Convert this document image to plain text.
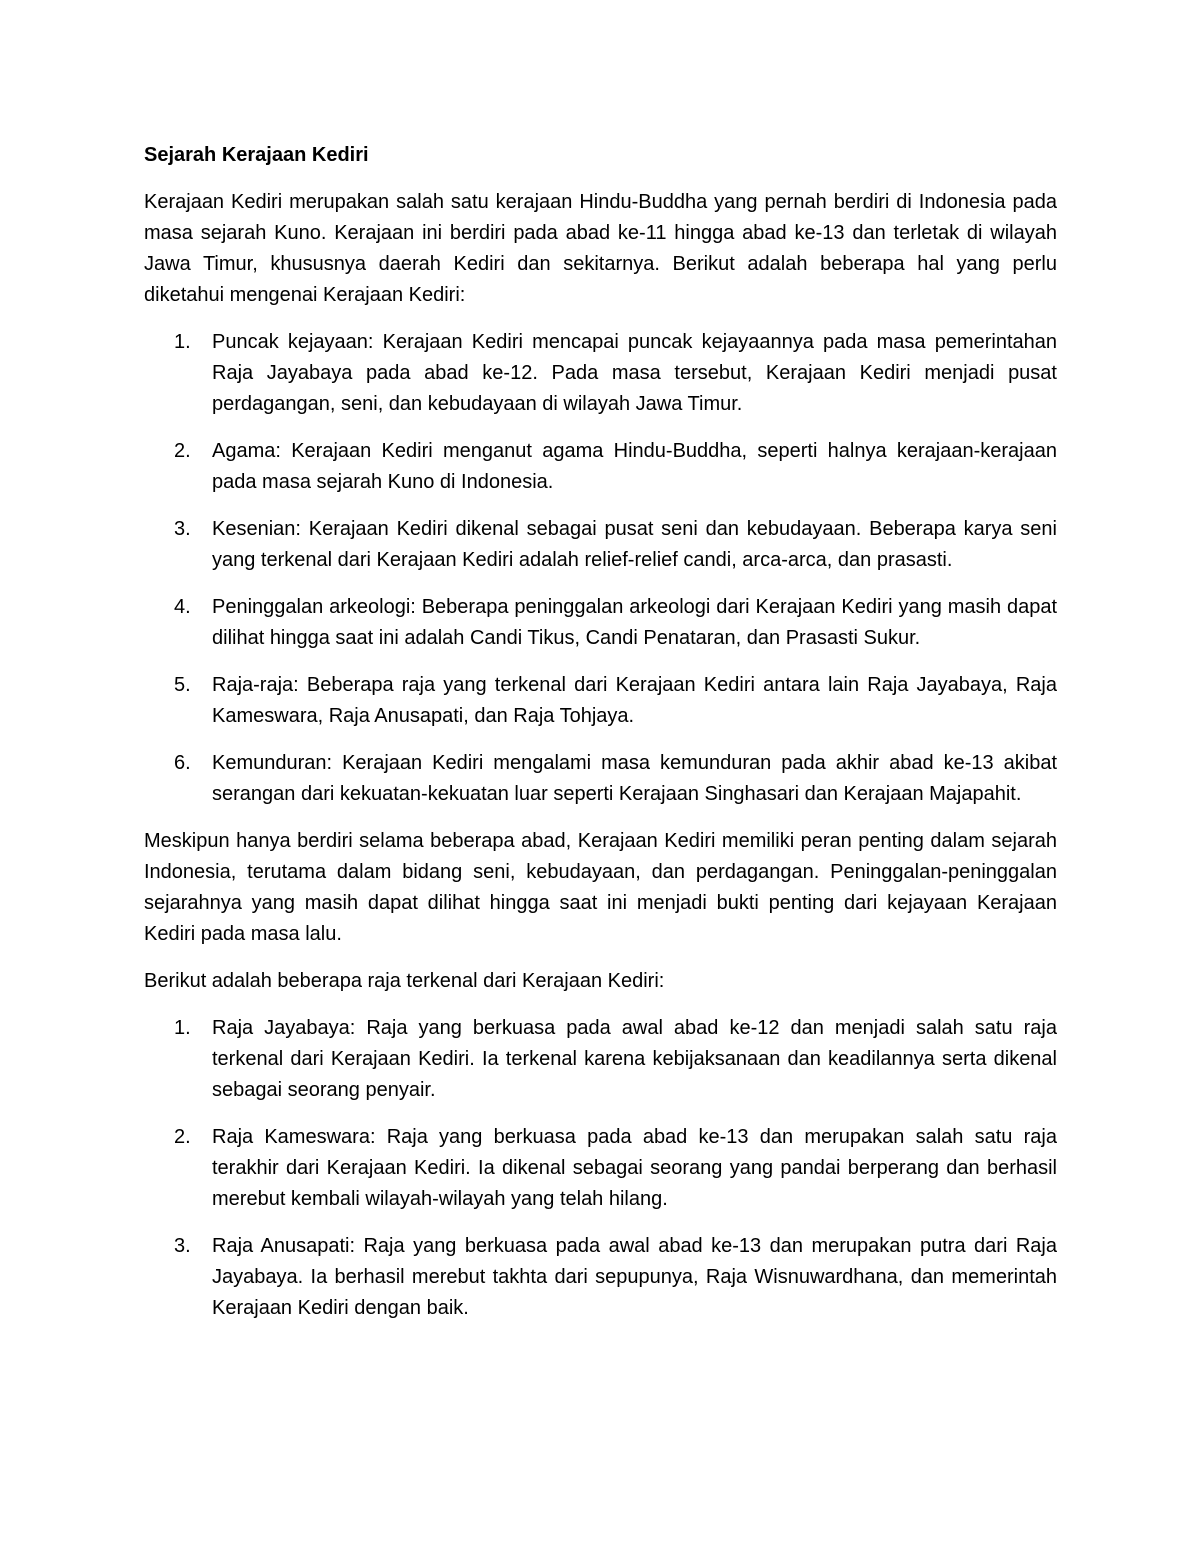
Sejarah Kerajaan Kediri
Kerajaan Kediri merupakan salah satu kerajaan Hindu-Buddha yang pernah berdiri di Indonesia pada masa sejarah Kuno. Kerajaan ini berdiri pada abad ke-11 hingga abad ke-13 dan terletak di wilayah Jawa Timur, khususnya daerah Kediri dan sekitarnya. Berikut adalah beberapa hal yang perlu diketahui mengenai Kerajaan Kediri:
1. Puncak kejayaan: Kerajaan Kediri mencapai puncak kejayaannya pada masa pemerintahan Raja Jayabaya pada abad ke-12. Pada masa tersebut, Kerajaan Kediri menjadi pusat perdagangan, seni, dan kebudayaan di wilayah Jawa Timur.
2. Agama: Kerajaan Kediri menganut agama Hindu-Buddha, seperti halnya kerajaan-kerajaan pada masa sejarah Kuno di Indonesia.
3. Kesenian: Kerajaan Kediri dikenal sebagai pusat seni dan kebudayaan. Beberapa karya seni yang terkenal dari Kerajaan Kediri adalah relief-relief candi, arca-arca, dan prasasti.
4. Peninggalan arkeologi: Beberapa peninggalan arkeologi dari Kerajaan Kediri yang masih dapat dilihat hingga saat ini adalah Candi Tikus, Candi Penataran, dan Prasasti Sukur.
5. Raja-raja: Beberapa raja yang terkenal dari Kerajaan Kediri antara lain Raja Jayabaya, Raja Kameswara, Raja Anusapati, dan Raja Tohjaya.
6. Kemunduran: Kerajaan Kediri mengalami masa kemunduran pada akhir abad ke-13 akibat serangan dari kekuatan-kekuatan luar seperti Kerajaan Singhasari dan Kerajaan Majapahit.
Meskipun hanya berdiri selama beberapa abad, Kerajaan Kediri memiliki peran penting dalam sejarah Indonesia, terutama dalam bidang seni, kebudayaan, dan perdagangan. Peninggalan-peninggalan sejarahnya yang masih dapat dilihat hingga saat ini menjadi bukti penting dari kejayaan Kerajaan Kediri pada masa lalu.
Berikut adalah beberapa raja terkenal dari Kerajaan Kediri:
1. Raja Jayabaya: Raja yang berkuasa pada awal abad ke-12 dan menjadi salah satu raja terkenal dari Kerajaan Kediri. Ia terkenal karena kebijaksanaan dan keadilannya serta dikenal sebagai seorang penyair.
2. Raja Kameswara: Raja yang berkuasa pada abad ke-13 dan merupakan salah satu raja terakhir dari Kerajaan Kediri. Ia dikenal sebagai seorang yang pandai berperang dan berhasil merebut kembali wilayah-wilayah yang telah hilang.
3. Raja Anusapati: Raja yang berkuasa pada awal abad ke-13 dan merupakan putra dari Raja Jayabaya. Ia berhasil merebut takhta dari sepupunya, Raja Wisnuwardhana, dan memerintah Kerajaan Kediri dengan baik.
